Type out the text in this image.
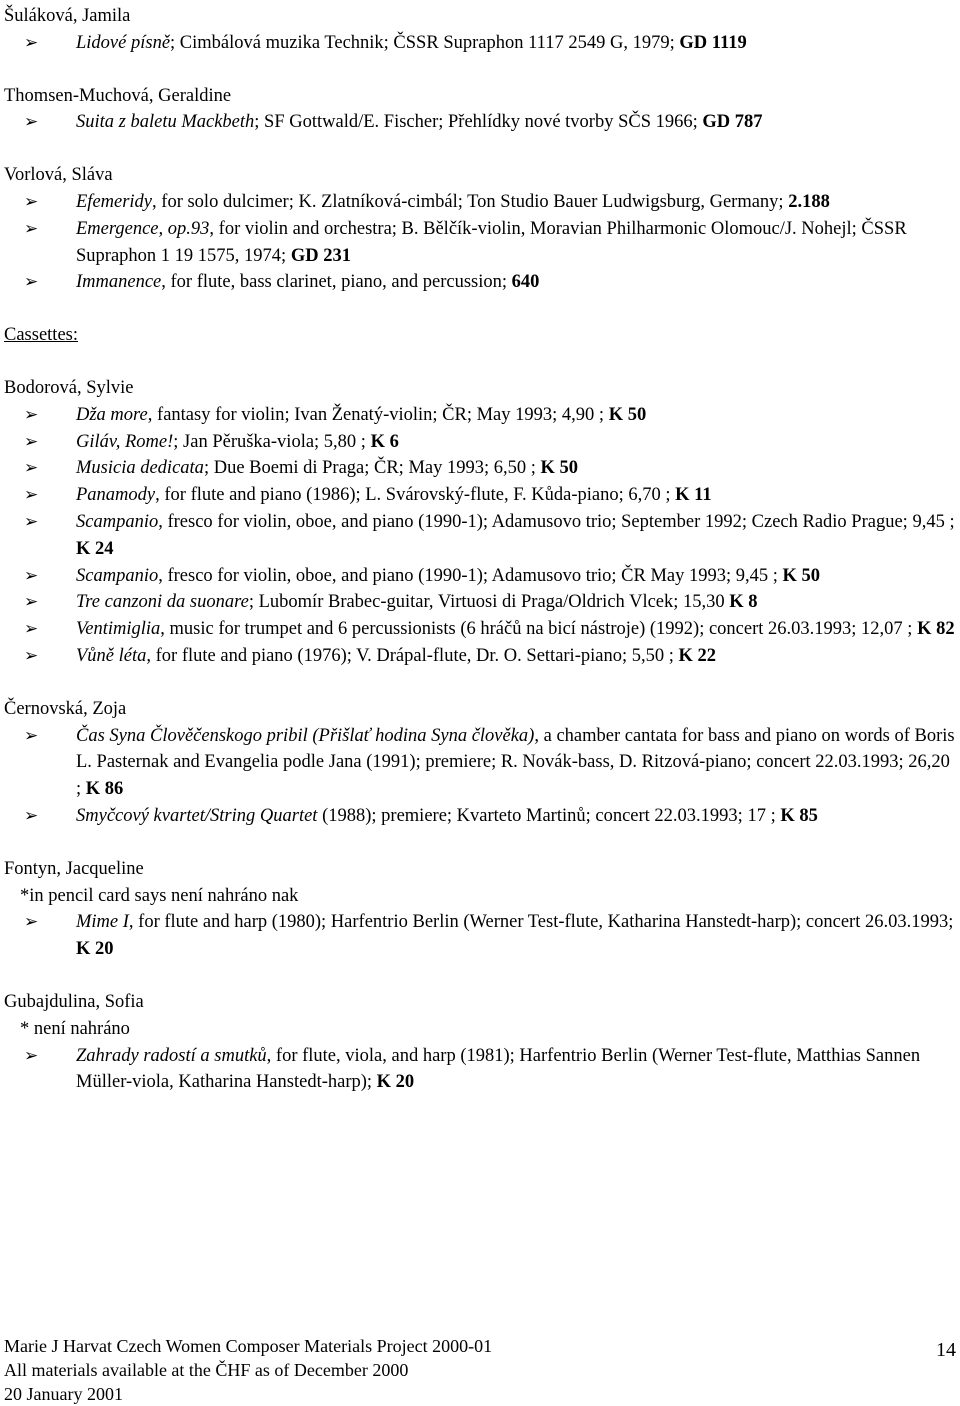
Šuláková, Jamila
➢ Lidové písně; Cimbálová muzika Technik; ČSSR Supraphon 1117 2549 G, 1979; GD 1119
Thomsen-Muchová, Geraldine
➢ Suita z baletu Mackbeth; SF Gottwald/E. Fischer; Přehlídky nové tvorby SČS 1966; GD 787
Vorlová, Sláva
➢ Efemeridy, for solo dulcimer; K. Zlatníková-cimbál; Ton Studio Bauer Ludwigsburg, Germany; 2.188
➢ Emergence, op.93, for violin and orchestra; B. Bělčík-violin, Moravian Philharmonic Olomouc/J. Nohejl; ČSSR Supraphon 1 19 1575, 1974; GD 231
➢ Immanence, for flute, bass clarinet, piano, and percussion; 640
Cassettes:
Bodorová, Sylvie
➢ Dža more, fantasy for violin; Ivan Ženatý-violin; ČR; May 1993; 4,90 ; K 50
➢ Giláv, Rome!; Jan Pěruška-viola; 5,80 ; K 6
➢ Musicia dedicata; Due Boemi di Praga; ČR; May 1993; 6,50 ; K 50
➢ Panamody, for flute and piano (1986); L. Svárovský-flute, F. Kůda-piano; 6,70 ; K 11
➢ Scampanio, fresco for violin, oboe, and piano (1990-1); Adamusovo trio; September 1992; Czech Radio Prague; 9,45 ; K 24
➢ Scampanio, fresco for violin, oboe, and piano (1990-1); Adamusovo trio; ČR May 1993; 9,45 ; K 50
➢ Tre canzoni da suonare; Lubomír Brabec-guitar, Virtuosi di Praga/Oldrich Vlcek; 15,30 K 8
➢ Ventimiglia, music for trumpet and 6 percussionists (6 hráčů na bicí nástroje) (1992); concert 26.03.1993; 12,07 ; K 82
➢ Vůně léta, for flute and piano (1976); V. Drápal-flute, Dr. O. Settari-piano; 5,50 ; K 22
Černovská, Zoja
➢ Čas Syna Člověčenskogo pribil (Přišlať hodina Syna člověka), a chamber cantata for bass and piano on words of Boris L. Pasternak and Evangelia podle Jana (1991); premiere; R. Novák-bass, D. Ritzová-piano; concert 22.03.1993; 26,20 ; K 86
➢ Smyčcový kvartet/String Quartet (1988); premiere; Kvarteto Martinů; concert 22.03.1993; 17 ; K 85
Fontyn, Jacqueline
*in pencil card says není nahráno nak
➢ Mime I, for flute and harp (1980); Harfentrio Berlin (Werner Test-flute, Katharina Hanstedt-harp); concert 26.03.1993; K 20
Gubajdulina, Sofia
* není nahráno
➢ Zahrady radostí a smutků, for flute, viola, and harp (1981); Harfentrio Berlin (Werner Test-flute, Matthias Sannen Müller-viola, Katharina Hanstedt-harp); K 20
Marie J Harvat Czech Women Composer Materials Project 2000-01
All materials available at the ČHF as of December 2000
20 January 2001
14
